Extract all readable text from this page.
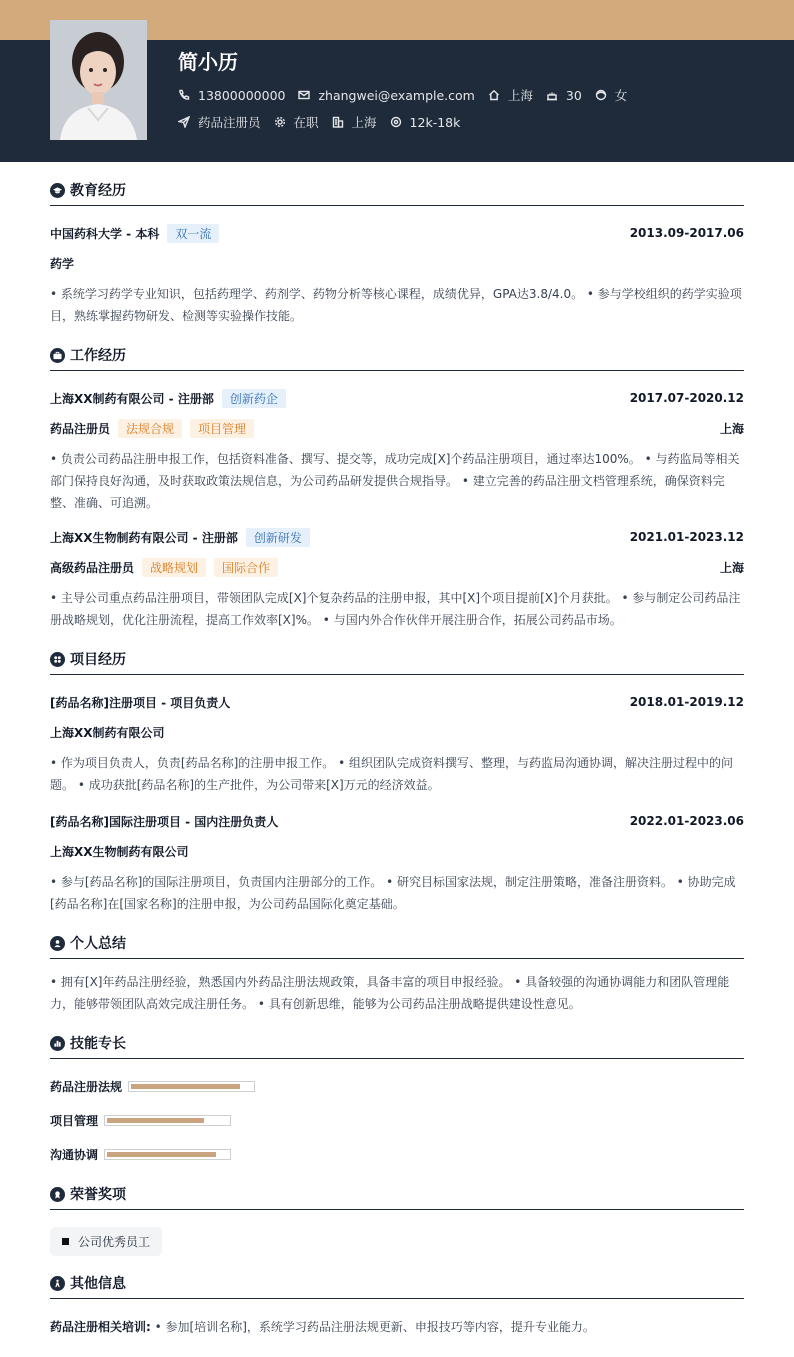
简小历
13800000000	zhangwei@example.com	上海	30	女
药品注册员	在职	上海	12k-18k
教育经历
中国药科大学 - 本科	双一流	2013.09-2017.06
药学
• 系统学习药学专业知识，包括药理学、药剂学、药物分析等核心课程，成绩优异，GPA达3.8/4.0。 • 参与学校组织的药学实验项目，熟练掌握药物研发、检测等实验操作技能。
工作经历
上海XX制药有限公司 - 注册部	创新药企	2017.07-2020.12
药品注册员	法规合规	项目管理	上海
• 负责公司药品注册申报工作，包括资料准备、撰写、提交等，成功完成[X]个药品注册项目，通过率达100%。 • 与药监局等相关部门保持良好沟通，及时获取政策法规信息，为公司药品研发提供合规指导。 • 建立完善的药品注册文档管理系统，确保资料完整、准确、可追溯。
上海XX生物制药有限公司 - 注册部	创新研发	2021.01-2023.12
高级药品注册员	战略规划	国际合作	上海
• 主导公司重点药品注册项目，带领团队完成[X]个复杂药品的注册申报，其中[X]个项目提前[X]个月获批。 • 参与制定公司药品注册战略规划，优化注册流程，提高工作效率[X]%。 • 与国内外合作伙伴开展注册合作，拓展公司药品市场。
项目经历
[药品名称]注册项目 - 项目负责人	2018.01-2019.12
上海XX制药有限公司
• 作为项目负责人，负责[药品名称]的注册申报工作。 • 组织团队完成资料撰写、整理，与药监局沟通协调，解决注册过程中的问题。 • 成功获批[药品名称]的生产批件，为公司带来[X]万元的经济效益。
[药品名称]国际注册项目 - 国内注册负责人	2022.01-2023.06
上海XX生物制药有限公司
• 参与[药品名称]的国际注册项目，负责国内注册部分的工作。 • 研究目标国家法规，制定注册策略，准备注册资料。 • 协助完成[药品名称]在[国家名称]的注册申报，为公司药品国际化奠定基础。
个人总结
• 拥有[X]年药品注册经验，熟悉国内外药品注册法规政策，具备丰富的项目申报经验。 • 具备较强的沟通协调能力和团队管理能力，能够带领团队高效完成注册任务。 • 具有创新思维，能够为公司药品注册战略提供建设性意见。
技能专长
药品注册法规
项目管理
沟通协调
荣誉奖项
公司优秀员工
其他信息
药品注册相关培训: • 参加[培训名称]，系统学习药品注册法规更新、申报技巧等内容，提升专业能力。
